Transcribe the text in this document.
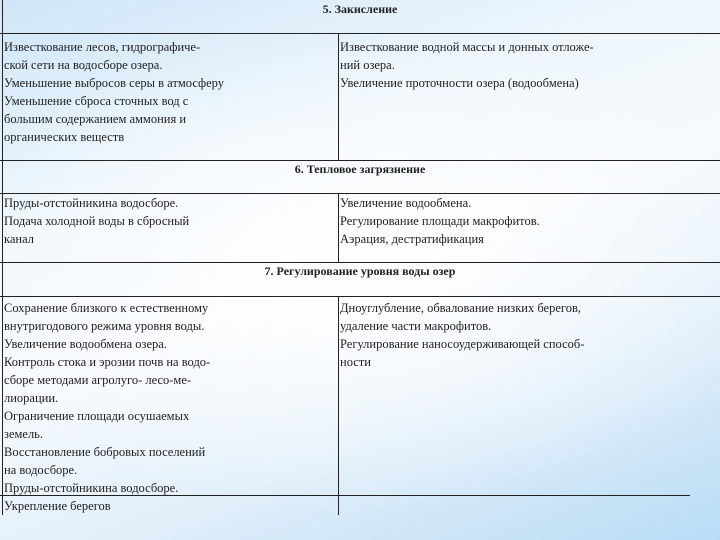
5. Закисление
Известкование лесов, гидрографиче-
ской сети на водосборе озера.
Уменьшение выбросов серы в атмосферу
Уменьшение сброса сточных вод с
большим содержанием аммония и
органических веществ
Известкование водной массы и донных отложе-
ний озера.
Увеличение проточности озера (водообмена)
6. Тепловое загрязнение
Пруды-отстойникина водосборе.
Подача холодной воды в сбросный
канал
Увеличение водообмена.
Регулирование площади макрофитов.
Аэрация, дестратификация
7. Регулирование уровня воды озер
Сохранение близкого к естественному
внутригодового режима уровня воды.
Увеличение водообмена озера.
Контроль стока и эрозии почв на водо-
сборе методами агролуго- лесо-ме-
лиорации.
Ограничение площади осушаемых
земель.
Восстановление бобровых поселений
на водосборе.
Пруды-отстойникина водосборе.
Укрепление берегов
Дноуглубление, обвалование низких берегов,
удаление части макрофитов.
Регулирование наносоудерживающей способ-
ности
